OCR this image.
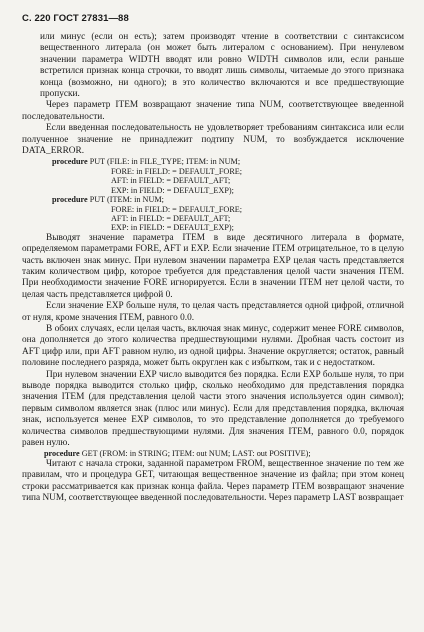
С. 220 ГОСТ 27831—88

или минус (если он есть); затем производят чтение в соответствии с синтаксисом вещественного литерала (он может быть литералом с основанием). При ненулевом значении параметра WIDTH вводят или ровно WIDTH символов или, если раньше встретился признак конца строчки, то вводят лишь символы, читаемые до этого признака конца (возможно, ни одного); в это количество включаются и все предшествующие пропуски.

Через параметр ITEM возвращают значение типа NUM, соответствующее введенной последовательности.

Если введенная последовательность не удовлетворяет требованиям синтаксиса или если полученное значение не принадлежит подтипу NUM, то возбуждается исключение DATA_ERROR.

procedure PUT (FILE: in FILE_TYPE; ITEM: in NUM;
FORE: in FIELD: = DEFAULT_FORE;
AFT: in FIELD: = DEFAULT_AFT;
EXP: in FIELD: = DEFAULT_EXP);
procedure PUT (ITEM: in NUM;
FORE: in FIELD: = DEFAULT_FORE;
AFT: in FIELD: = DEFAULT_AFT;
EXP: in FIELD: = DEFAULT_EXP);

Выводят значение параметра ITEM в виде десятичного литерала в формате, определяемом параметрами FORE, AFT и EXP. Если значение ITEM отрицательное, то в целую часть включен знак минус. При нулевом значении параметра EXP целая часть представляется таким количеством цифр, которое требуется для представления целой части значения ITEM. При необходимости значение FORE игнорируется. Если в значении ITEM нет целой части, то целая часть представляется цифрой 0.

Если значение EXP больше нуля, то целая часть представляется одной цифрой, отличной от нуля, кроме значения ITEM, равного 0.0.

В обоих случаях, если целая часть, включая знак минус, содержит менее FORE символов, она дополняется до этого количества предшествующими нулями. Дробная часть состоит из AFT цифр или, при AFT равном нулю, из одной цифры. Значение округляется; остаток, равный половине последнего разряда, может быть округлен как с избытком, так и с недостатком.

При нулевом значении EXP число выводится без порядка. Если EXP больше нуля, то при выводе порядка выводится столько цифр, сколько необходимо для представления порядка значения ITEM (для представления целой части этого значения используется один символ); первым символом является знак (плюс или минус). Если для представления порядка, включая знак, используется менее EXP символов, то это представление дополняется до требуемого количества символов предшествующими нулями. Для значения ITEM, равного 0.0, порядок равен нулю.

procedure GET (FROM: in STRING; ITEM: out NUM; LAST: out POSITIVE);

Читают с начала строки, заданной параметром FROM, вещественное значение по тем же правилам, что и процедура GET, читающая вещественное значение из файла; при этом конец строки рассматривается как признак конца файла. Через параметр ITEM возвращают значение типа NUM, соответствующее введенной последовательности. Через параметр LAST возвращает
